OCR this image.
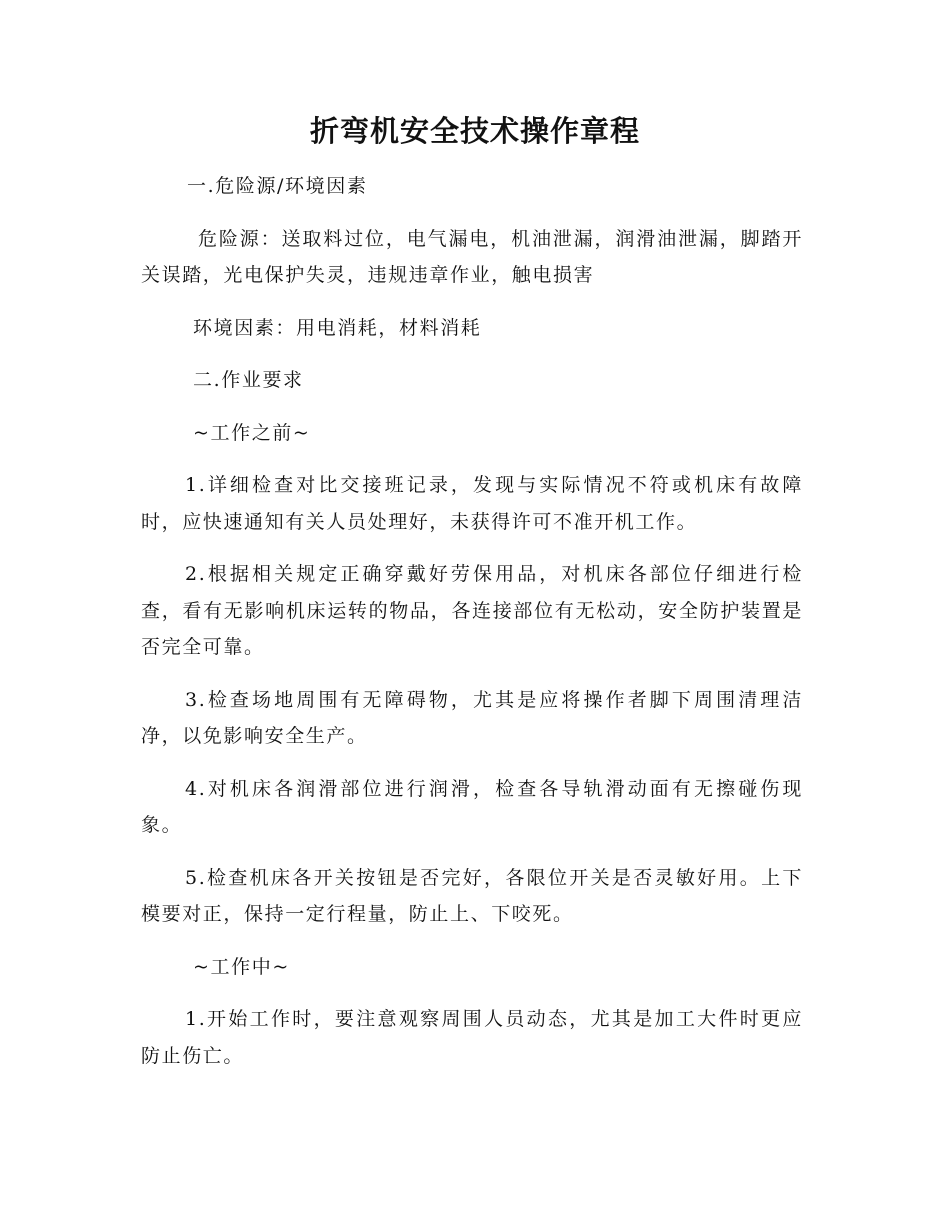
折弯机安全技术操作章程

一.危险源/环境因素

危险源：送取料过位，电气漏电，机油泄漏，润滑油泄漏，脚踏开关误踏，光电保护失灵，违规违章作业，触电损害

环境因素：用电消耗，材料消耗

二.作业要求

~工作之前~

1.详细检查对比交接班记录，发现与实际情况不符或机床有故障时，应快速通知有关人员处理好，未获得许可不准开机工作。

2.根据相关规定正确穿戴好劳保用品，对机床各部位仔细进行检查，看有无影响机床运转的物品，各连接部位有无松动，安全防护装置是否完全可靠。

3.检查场地周围有无障碍物，尤其是应将操作者脚下周围清理洁净，以免影响安全生产。

4.对机床各润滑部位进行润滑，检查各导轨滑动面有无擦碰伤现象。

5.检查机床各开关按钮是否完好，各限位开关是否灵敏好用。上下模要对正，保持一定行程量，防止上、下咬死。

~工作中~

1.开始工作时，要注意观察周围人员动态，尤其是加工大件时更应防止伤亡。
